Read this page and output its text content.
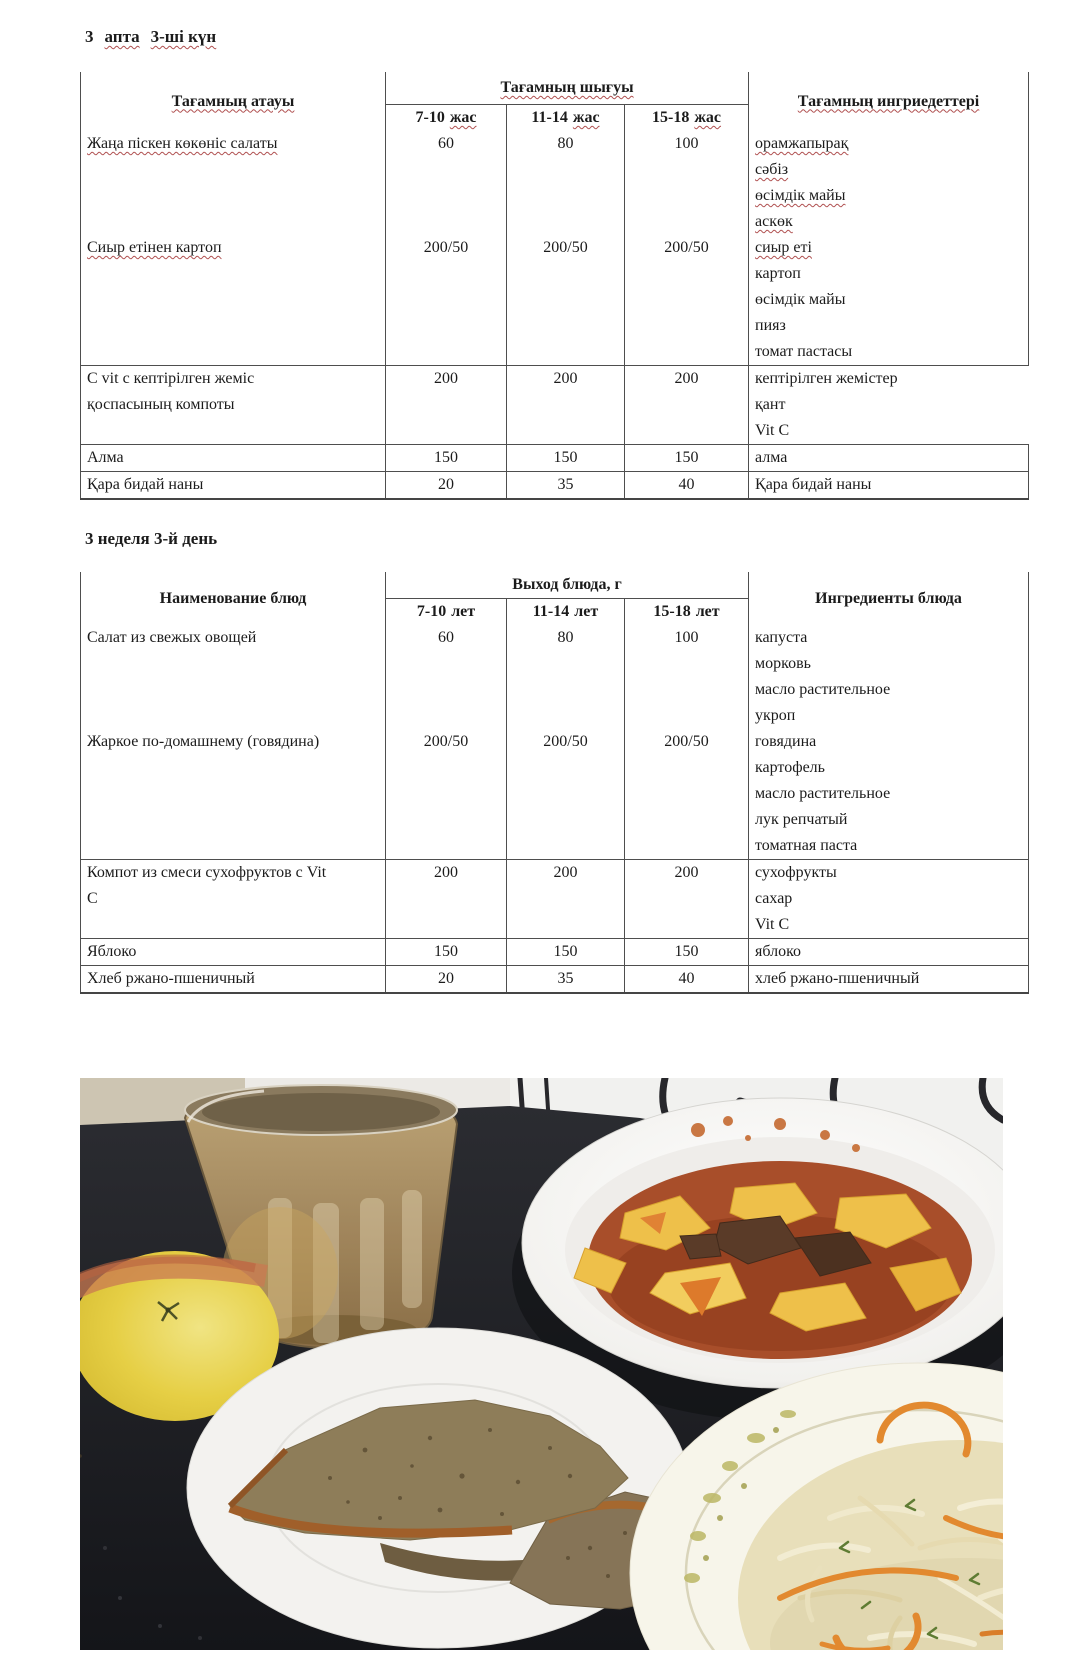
3 апта 3-ші күн
Тағамның атауы	Тағамның шығуы			Тағамның ингриедеттері
	7-10 жас	11-14 жас	15-18 жас	
Жаңа піскен көкөніс салаты	60	80	100	орамжапырақ
				сәбіз
				өсімдік майы
				аскөк
Сиыр етінен картоп	200/50	200/50	200/50	сиыр еті
				картоп
				өсімдік майы
				пияз
				томат пастасы
С vit с кептірілген жеміс қоспасының компоты	200	200	200	кептірілген жемістер
				қант
				Vit C
Алма	150	150	150	алма
Қара бидай наны	20	35	40	Қара бидай наны
3 неделя 3-й день
Наименование блюд	Выход блюда, г			Ингредиенты блюда
	7-10 лет	11-14 лет	15-18 лет	
Салат из свежых овощей	60	80	100	капуста
				морковь
				масло растительное
				укроп
Жаркое по-домашнему (говядина)	200/50	200/50	200/50	говядина
				картофель
				масло растительное
				лук репчатый
				томатная паста
Компот из смеси сухофруктов с Vit C	200	200	200	сухофрукты
				сахар
				Vit C
Яблоко	150	150	150	яблоко
Хлеб ржано-пшеничный	20	35	40	хлеб ржано-пшеничный
